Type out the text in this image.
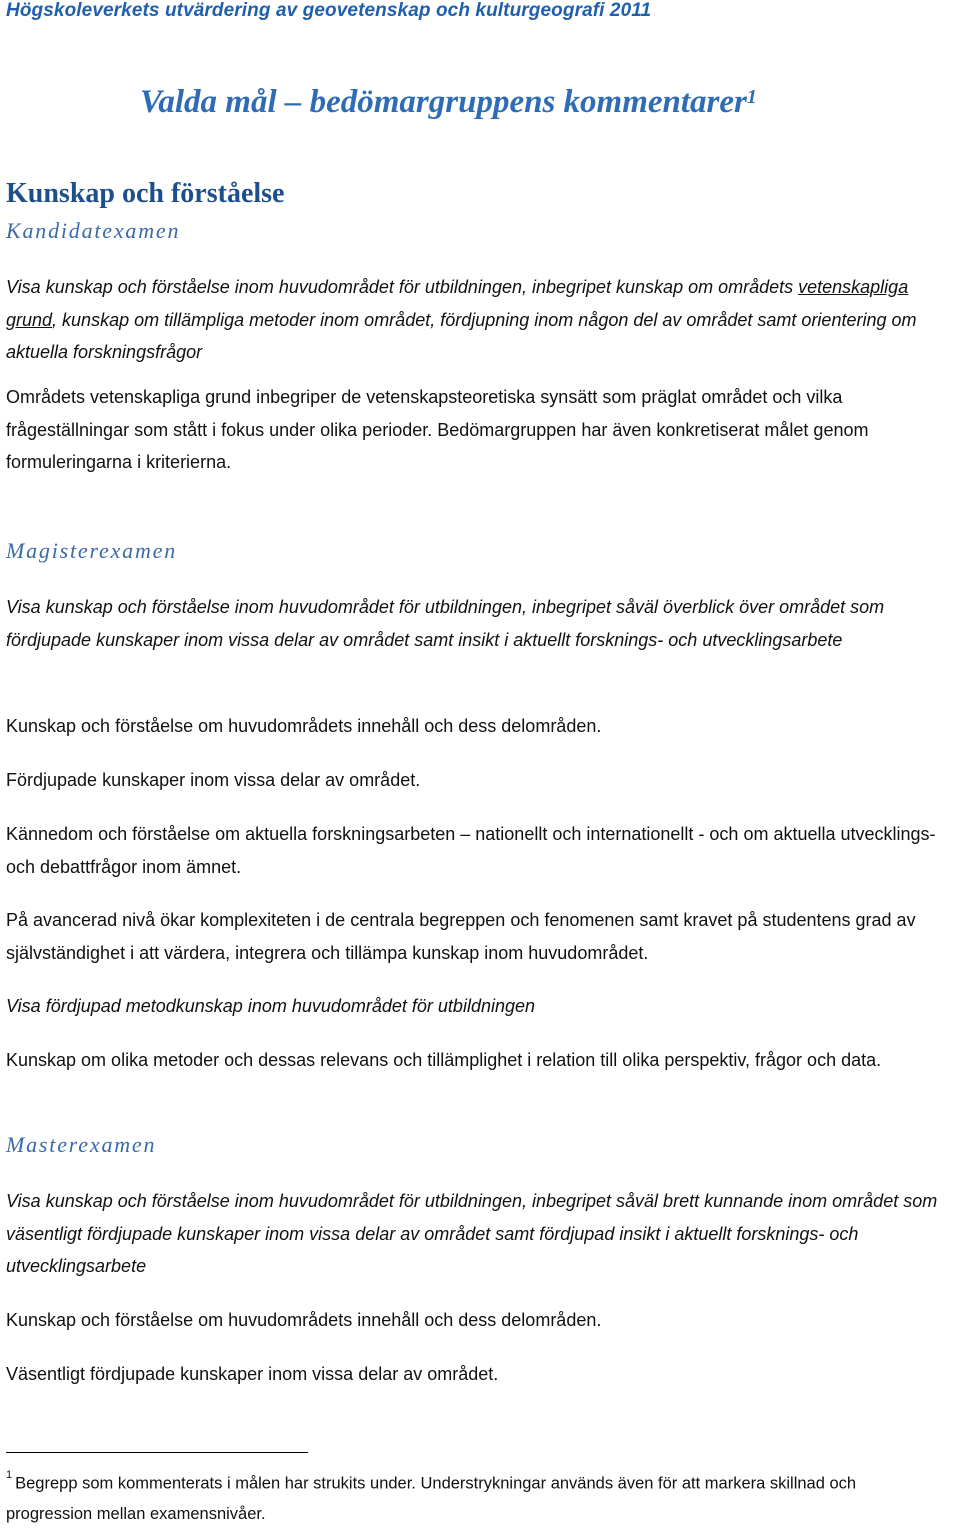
Högskoleverkets utvärdering av geovetenskap och kulturgeografi 2011
Valda mål – bedömargruppens kommentarer$^1$
Kunskap och förståelse
Kandidatexamen

Visa kunskap och förståelse inom huvudområdet för utbildningen, inbegripet kunskap om områdets vetenskapliga grund, kunskap om tillämpliga metoder inom området, fördjupning inom någon del av området samt orientering om aktuella forskningsfrågor

Områdets vetenskapliga grund inbegriper de vetenskapsteoretiska synsätt som präglat området och vilka frågeställningar som stått i fokus under olika perioder. Bedömargruppen har även konkretiserat målet genom formuleringarna i kriterierna.

Magisterexamen

Visa kunskap och förståelse inom huvudområdet för utbildningen, inbegripet såväl överblick över området som fördjupade kunskaper inom vissa delar av området samt insikt i aktuellt forsknings- och utvecklingsarbete

Kunskap och förståelse om huvudområdets innehåll och dess delområden.

Fördjupade kunskaper inom vissa delar av området.

Kännedom och förståelse om aktuella forskningsarbeten – nationellt och internationellt - och om aktuella utvecklings- och debattfrågor inom ämnet.

På avancerad nivå ökar komplexiteten i de centrala begreppen och fenomenen samt kravet på studentens grad av självständighet i att värdera, integrera och tillämpa kunskap inom huvudområdet.

Visa fördjupad metodkunskap inom huvudområdet för utbildningen

Kunskap om olika metoder och dessas relevans och tillämplighet i relation till olika perspektiv, frågor och data.

Masterexamen

Visa kunskap och förståelse inom huvudområdet för utbildningen, inbegripet såväl brett kunnande inom området som väsentligt fördjupade kunskaper inom vissa delar av området samt fördjupad insikt i aktuellt forsknings- och utvecklingsarbete

Kunskap och förståelse om huvudområdets innehåll och dess delområden.

Väsentligt fördjupade kunskaper inom vissa delar av området.

$^1$ Begrepp som kommenterats i målen har strukits under. Understrykningar används även för att markera skillnad och progression mellan examensnivåer.
